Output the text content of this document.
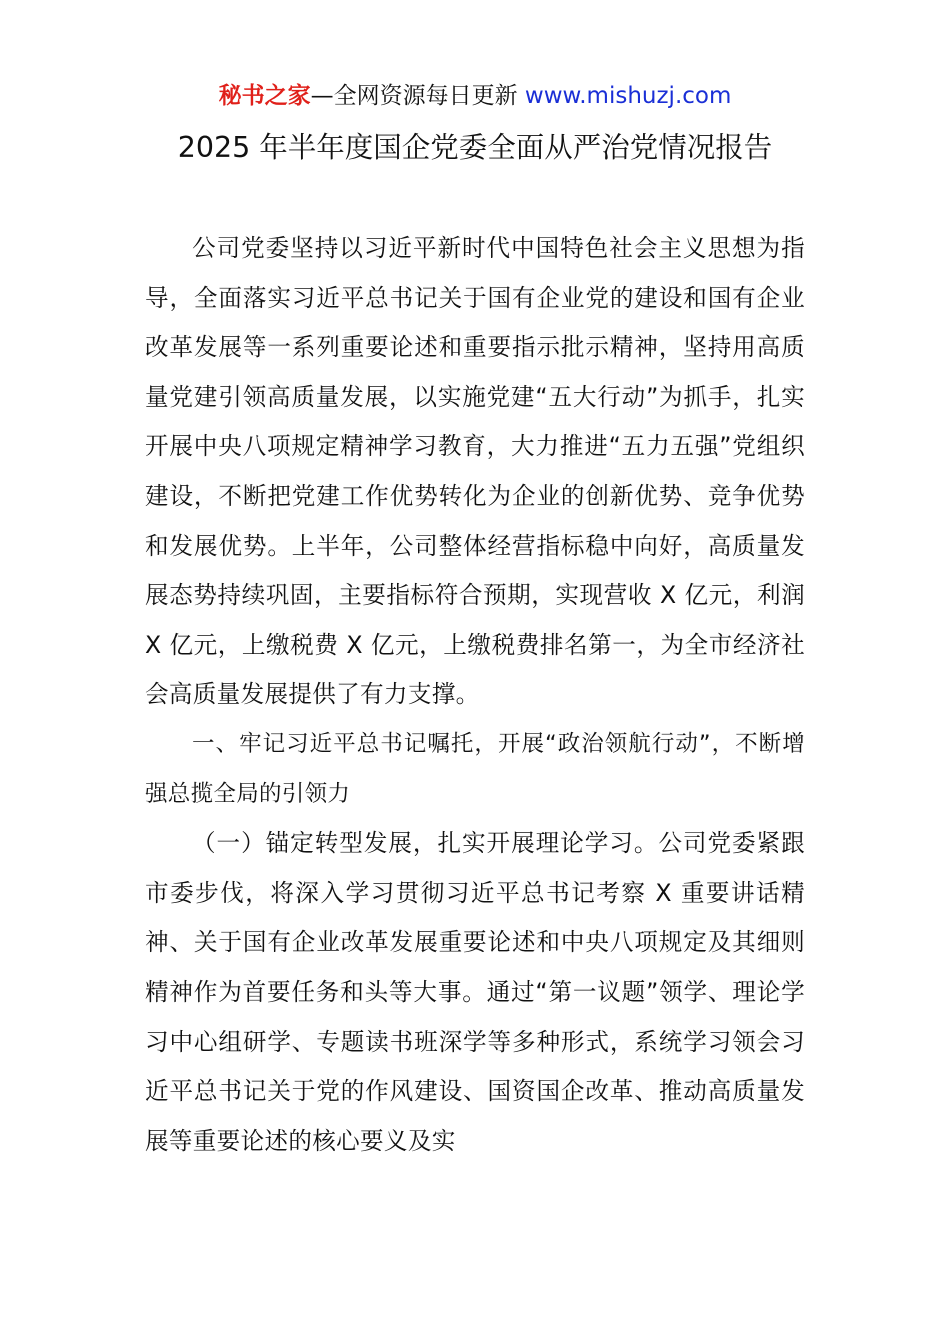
秘书之家—全网资源每日更新 www.mishuzj.com
2025 年半年度国企党委全面从严治党情况报告

公司党委坚持以习近平新时代中国特色社会主义思想为指导，全面落实习近平总书记关于国有企业党的建设和国有企业改革发展等一系列重要论述和重要指示批示精神，坚持用高质量党建引领高质量发展，以实施党建“五大行动”为抓手，扎实开展中央八项规定精神学习教育，大力推进“五力五强”党组织建设，不断把党建工作优势转化为企业的创新优势、竞争优势和发展优势。上半年，公司整体经营指标稳中向好，高质量发展态势持续巩固，主要指标符合预期，实现营收 X 亿元，利润 X 亿元，上缴税费 X 亿元，上缴税费排名第一，为全市经济社会高质量发展提供了有力支撑。

一、牢记习近平总书记嘱托，开展“政治领航行动”，不断增强总揽全局的引领力

（一）锚定转型发展，扎实开展理论学习。公司党委紧跟市委步伐，将深入学习贯彻习近平总书记考察 X 重要讲话精神、关于国有企业改革发展重要论述和中央八项规定及其细则精神作为首要任务和头等大事。通过“第一议题”领学、理论学习中心组研学、专题读书班深学等多种形式，系统学习领会习近平总书记关于党的作风建设、国资国企改革、推动高质量发展等重要论述的核心要义及实
